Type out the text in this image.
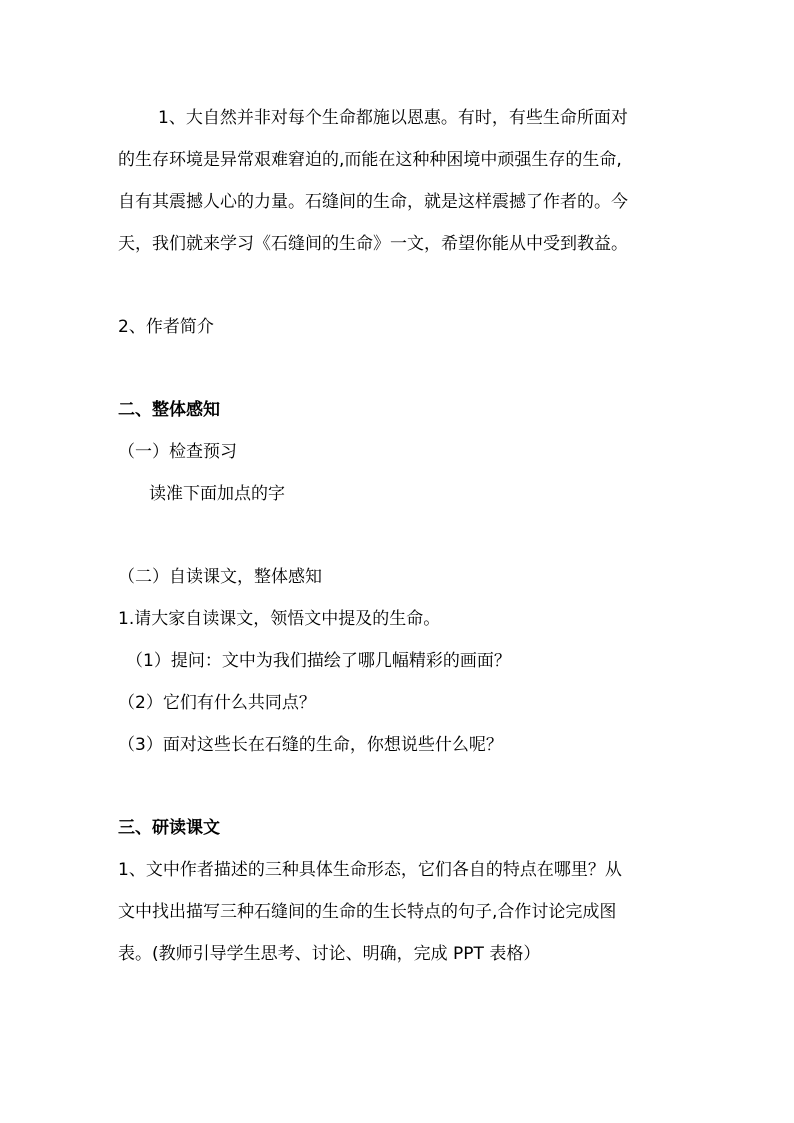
1、大自然并非对每个生命都施以恩惠。有时，有些生命所面对
的生存环境是异常艰难窘迫的,而能在这种种困境中顽强生存的生命,
自有其震撼人心的力量。石缝间的生命，就是这样震撼了作者的。今
天，我们就来学习《石缝间的生命》一文，希望你能从中受到教益。
2、作者简介
二、整体感知
（一）检查预习
读准下面加点的字
（二）自读课文，整体感知
1.请大家自读课文，领悟文中提及的生命。
（1）提问：文中为我们描绘了哪几幅精彩的画面？
（2）它们有什么共同点？
（3）面对这些长在石缝的生命，你想说些什么呢？
三、研读课文
1、文中作者描述的三种具体生命形态，它们各自的特点在哪里？从
文中找出描写三种石缝间的生命的生长特点的句子,合作讨论完成图
表。(教师引导学生思考、讨论、明确，完成 PPT 表格）
